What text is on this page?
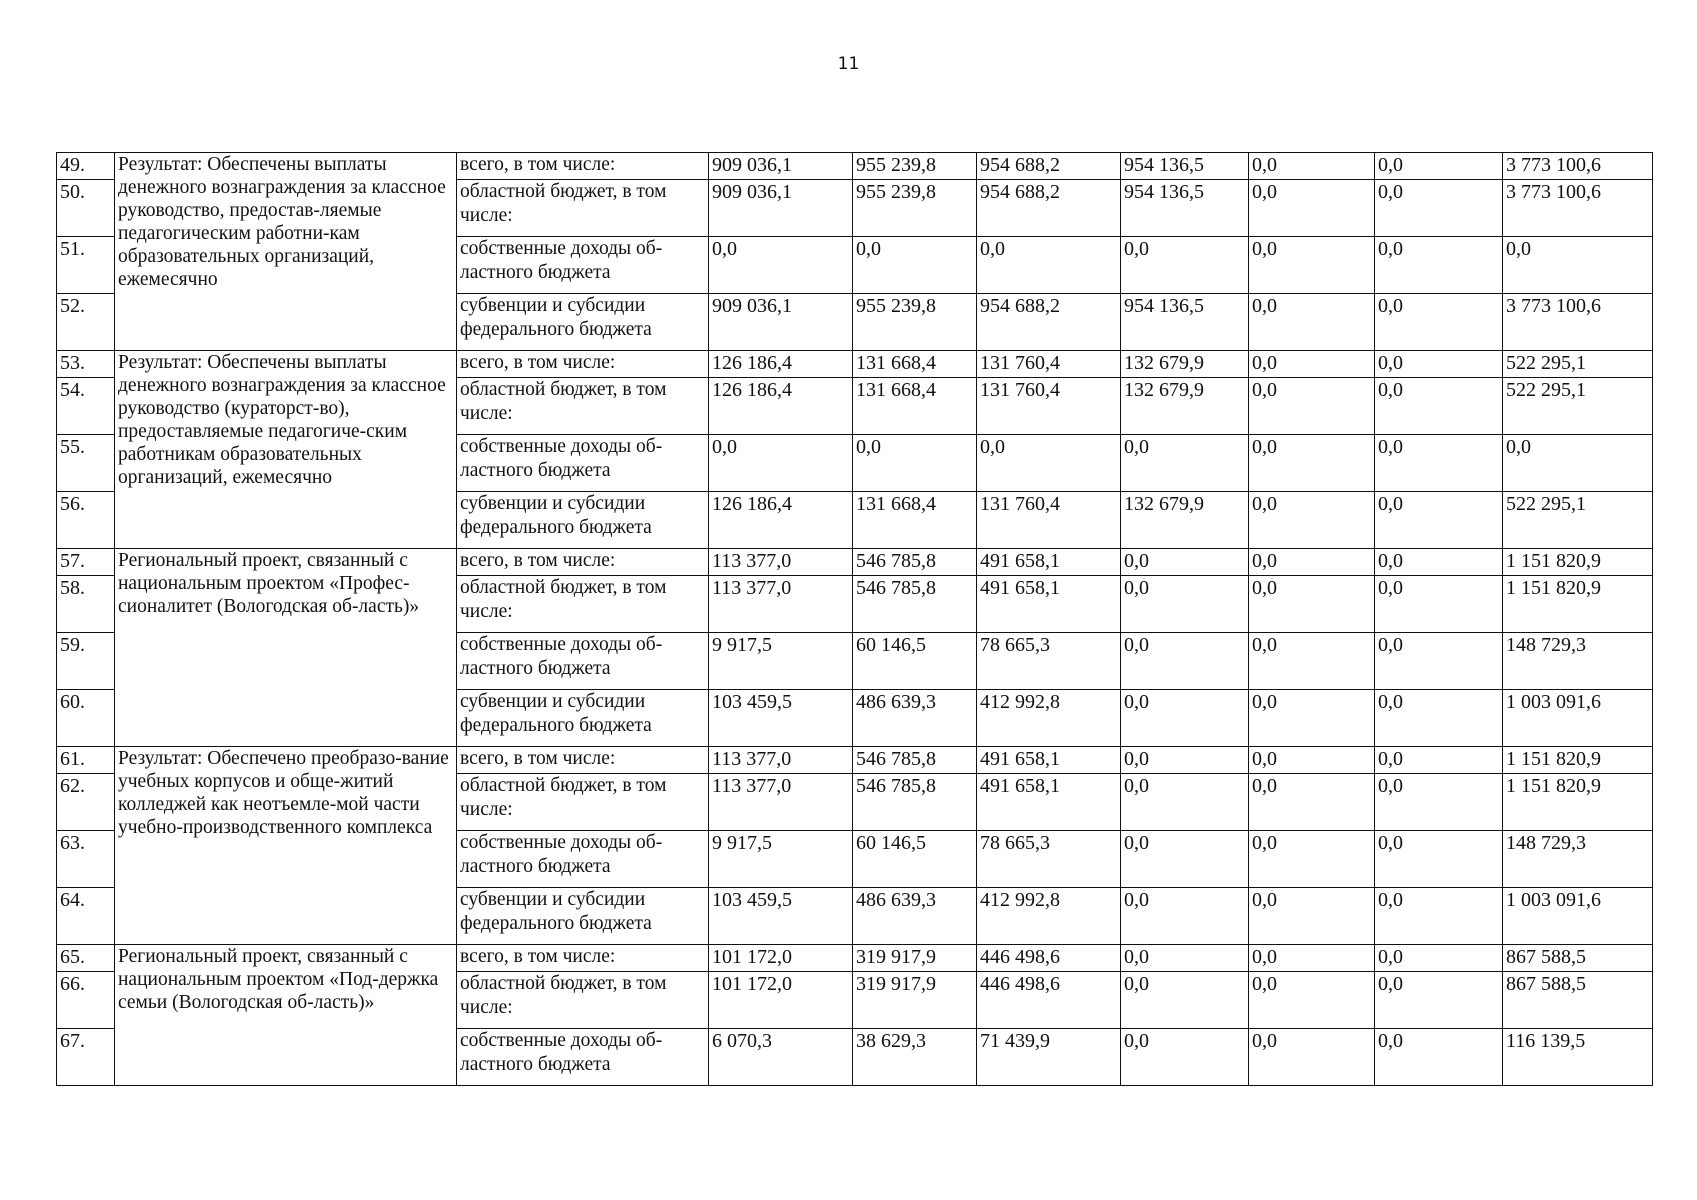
11
49.	Результат: Обеспечены выплаты денежного вознаграждения за классное руководство, предостав-ляемые педагогическим работни-кам образовательных организаций, ежемесячно	всего, в том числе:	909 036,1	955 239,8	954 688,2	954 136,5	0,0	0,0	3 773 100,6
50.		областной бюджет, в том числе:	909 036,1	955 239,8	954 688,2	954 136,5	0,0	0,0	3 773 100,6
51.		собственные доходы об-ластного бюджета	0,0	0,0	0,0	0,0	0,0	0,0	0,0
52.		субвенции и субсидии федерального бюджета	909 036,1	955 239,8	954 688,2	954 136,5	0,0	0,0	3 773 100,6
53.	Результат: Обеспечены выплаты денежного вознаграждения за классное руководство (кураторст-во), предоставляемые педагогиче-ским работникам образовательных организаций, ежемесячно	всего, в том числе:	126 186,4	131 668,4	131 760,4	132 679,9	0,0	0,0	522 295,1
54.		областной бюджет, в том числе:	126 186,4	131 668,4	131 760,4	132 679,9	0,0	0,0	522 295,1
55.		собственные доходы об-ластного бюджета	0,0	0,0	0,0	0,0	0,0	0,0	0,0
56.		субвенции и субсидии федерального бюджета	126 186,4	131 668,4	131 760,4	132 679,9	0,0	0,0	522 295,1
57.	Региональный проект, связанный с национальным проектом «Профес-сионалитет (Вологодская об-ласть)»	всего, в том числе:	113 377,0	546 785,8	491 658,1	0,0	0,0	0,0	1 151 820,9
58.		областной бюджет, в том числе:	113 377,0	546 785,8	491 658,1	0,0	0,0	0,0	1 151 820,9
59.		собственные доходы об-ластного бюджета	9 917,5	60 146,5	78 665,3	0,0	0,0	0,0	148 729,3
60.		субвенции и субсидии федерального бюджета	103 459,5	486 639,3	412 992,8	0,0	0,0	0,0	1 003 091,6
61.	Результат: Обеспечено преобразо-вание учебных корпусов и обще-житий колледжей как неотъемле-мой части учебно-производственного комплекса	всего, в том числе:	113 377,0	546 785,8	491 658,1	0,0	0,0	0,0	1 151 820,9
62.		областной бюджет, в том числе:	113 377,0	546 785,8	491 658,1	0,0	0,0	0,0	1 151 820,9
63.		собственные доходы об-ластного бюджета	9 917,5	60 146,5	78 665,3	0,0	0,0	0,0	148 729,3
64.		субвенции и субсидии федерального бюджета	103 459,5	486 639,3	412 992,8	0,0	0,0	0,0	1 003 091,6
65.	Региональный проект, связанный с национальным проектом «Под-держка семьи (Вологодская об-ласть)»	всего, в том числе:	101 172,0	319 917,9	446 498,6	0,0	0,0	0,0	867 588,5
66.		областной бюджет, в том числе:	101 172,0	319 917,9	446 498,6	0,0	0,0	0,0	867 588,5
67.		собственные доходы об-ластного бюджета	6 070,3	38 629,3	71 439,9	0,0	0,0	0,0	116 139,5
